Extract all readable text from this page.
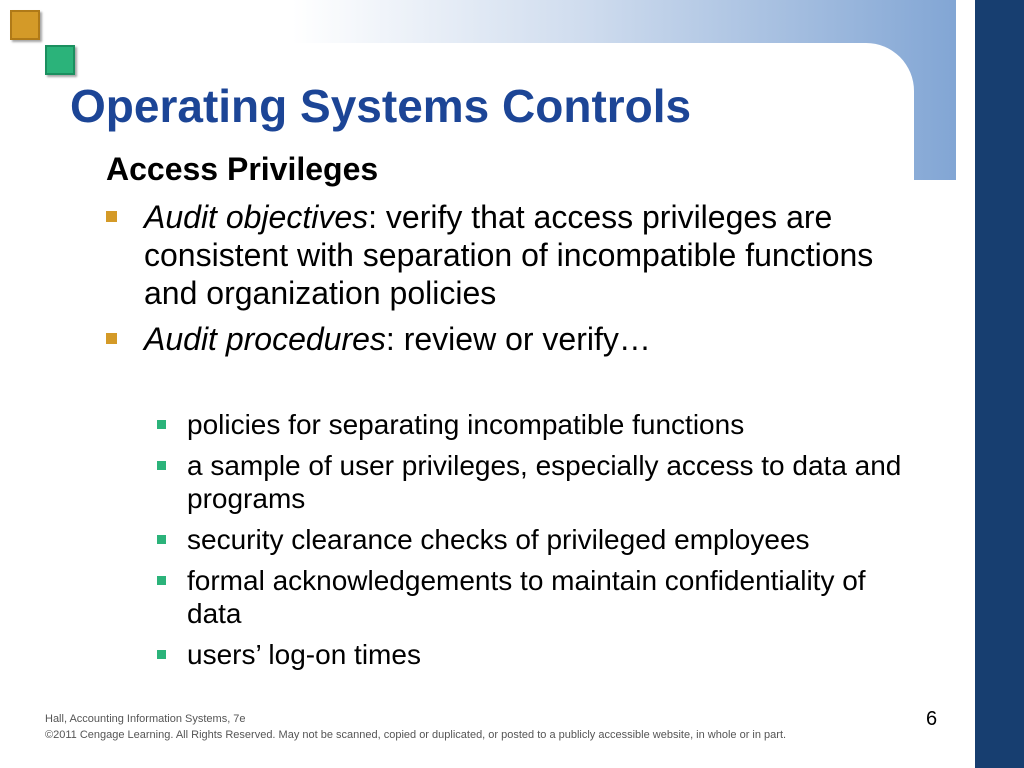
Operating Systems Controls
Access Privileges
Audit objectives: verify that access privileges are consistent with separation of incompatible functions and organization policies
Audit procedures: review or verify…
policies for separating incompatible functions
a sample of user privileges, especially access to data and programs
security clearance checks of privileged employees
formal acknowledgements to maintain confidentiality of data
users’ log-on times
Hall, Accounting Information Systems, 7e
©2011 Cengage Learning. All Rights Reserved. May not be scanned, copied or duplicated, or posted to a publicly accessible website, in whole or in part.
6
